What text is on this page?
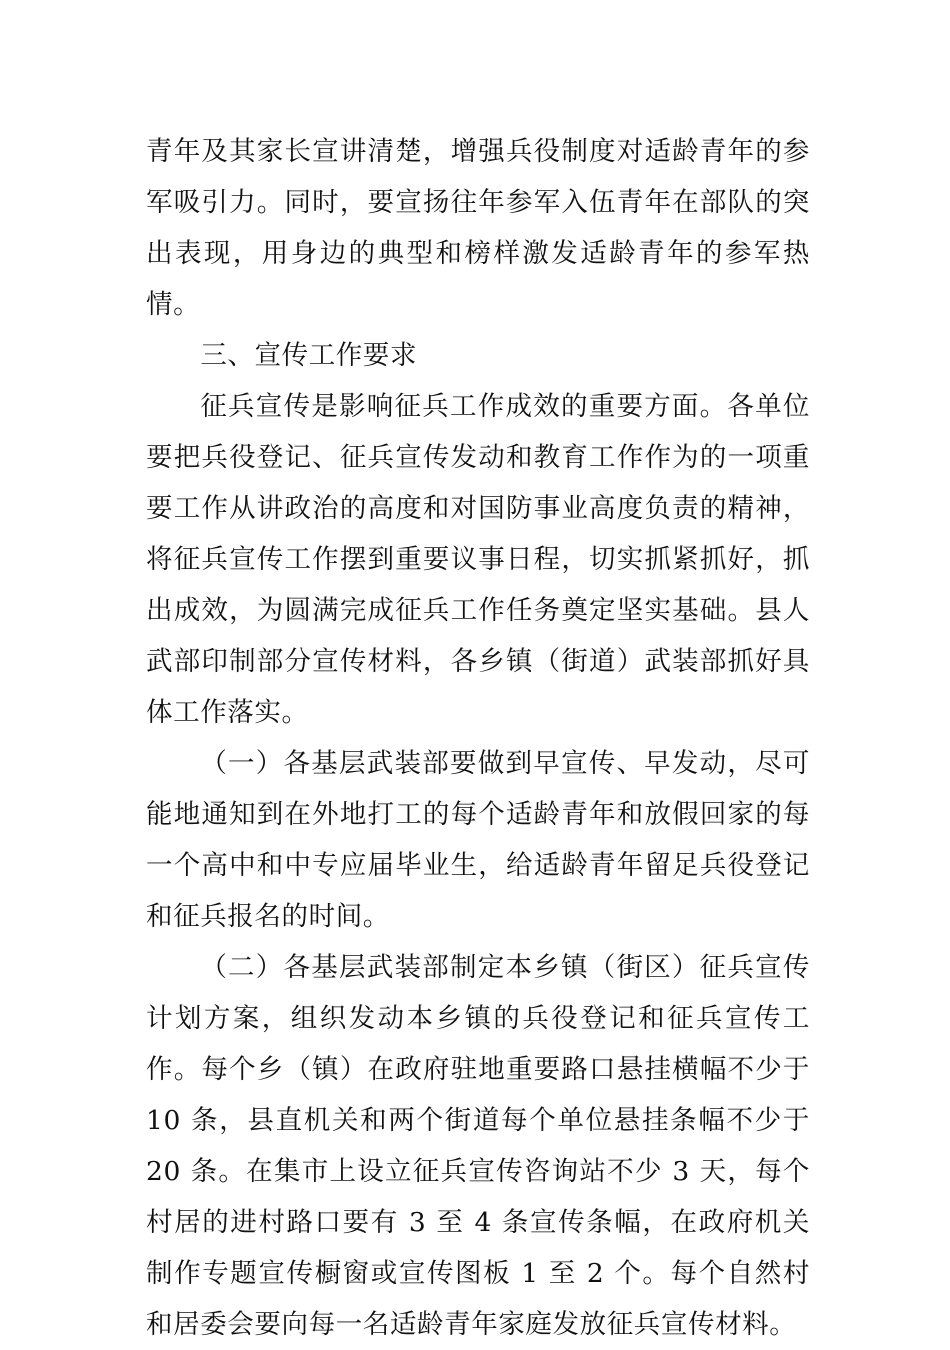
青年及其家长宣讲清楚，增强兵役制度对适龄青年的参军吸引力。同时，要宣扬往年参军入伍青年在部队的突出表现，用身边的典型和榜样激发适龄青年的参军热情。

三、宣传工作要求

征兵宣传是影响征兵工作成效的重要方面。各单位要把兵役登记、征兵宣传发动和教育工作作为的一项重要工作从讲政治的高度和对国防事业高度负责的精神，将征兵宣传工作摆到重要议事日程，切实抓紧抓好，抓出成效，为圆满完成征兵工作任务奠定坚实基础。县人武部印制部分宣传材料，各乡镇（街道）武装部抓好具体工作落实。

（一）各基层武装部要做到早宣传、早发动，尽可能地通知到在外地打工的每个适龄青年和放假回家的每一个高中和中专应届毕业生，给适龄青年留足兵役登记和征兵报名的时间。

（二）各基层武装部制定本乡镇（街区）征兵宣传计划方案，组织发动本乡镇的兵役登记和征兵宣传工作。每个乡（镇）在政府驻地重要路口悬挂横幅不少于 10 条，县直机关和两个街道每个单位悬挂条幅不少于 20 条。在集市上设立征兵宣传咨询站不少 3 天，每个村居的进村路口要有 3 至 4 条宣传条幅，在政府机关制作专题宣传橱窗或宣传图板 1 至 2 个。每个自然村和居委会要向每一名适龄青年家庭发放征兵宣传材料。
